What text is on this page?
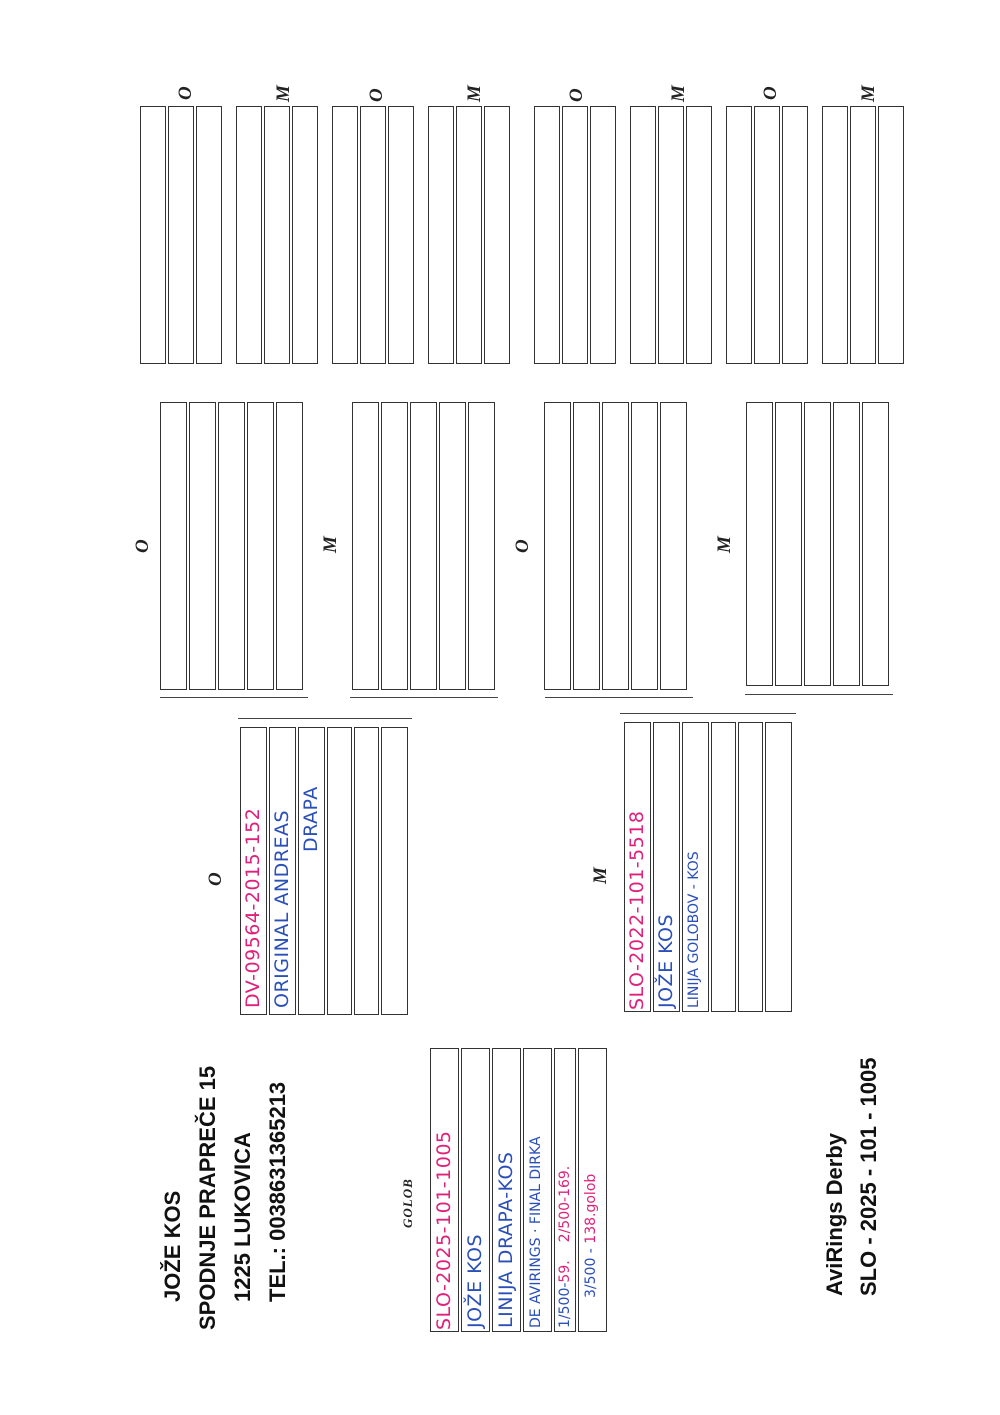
JOŽE KOS SPODNJE PRAPREČE 15 1225 LUKOVICA TEL.: 0038631365213	GOLOB SLO-2025-101-1005 JOŽE KOS LINIJA DRAPA-KOS DE AVIRINGS · FINAL DIRKA
1/500-59.2/500-169.
3/500 - 138.golob
O DV-09564-2015-152 ORIGINAL ANDREAS DRAPA
M SLO-2022-101-5518 JOŽE KOS LINIJA GOLOBOV - KOS
O	M	O	M
O	M	O	M	O	M	O	M
AviRings Derby SLO - 2025 - 101 - 1005
